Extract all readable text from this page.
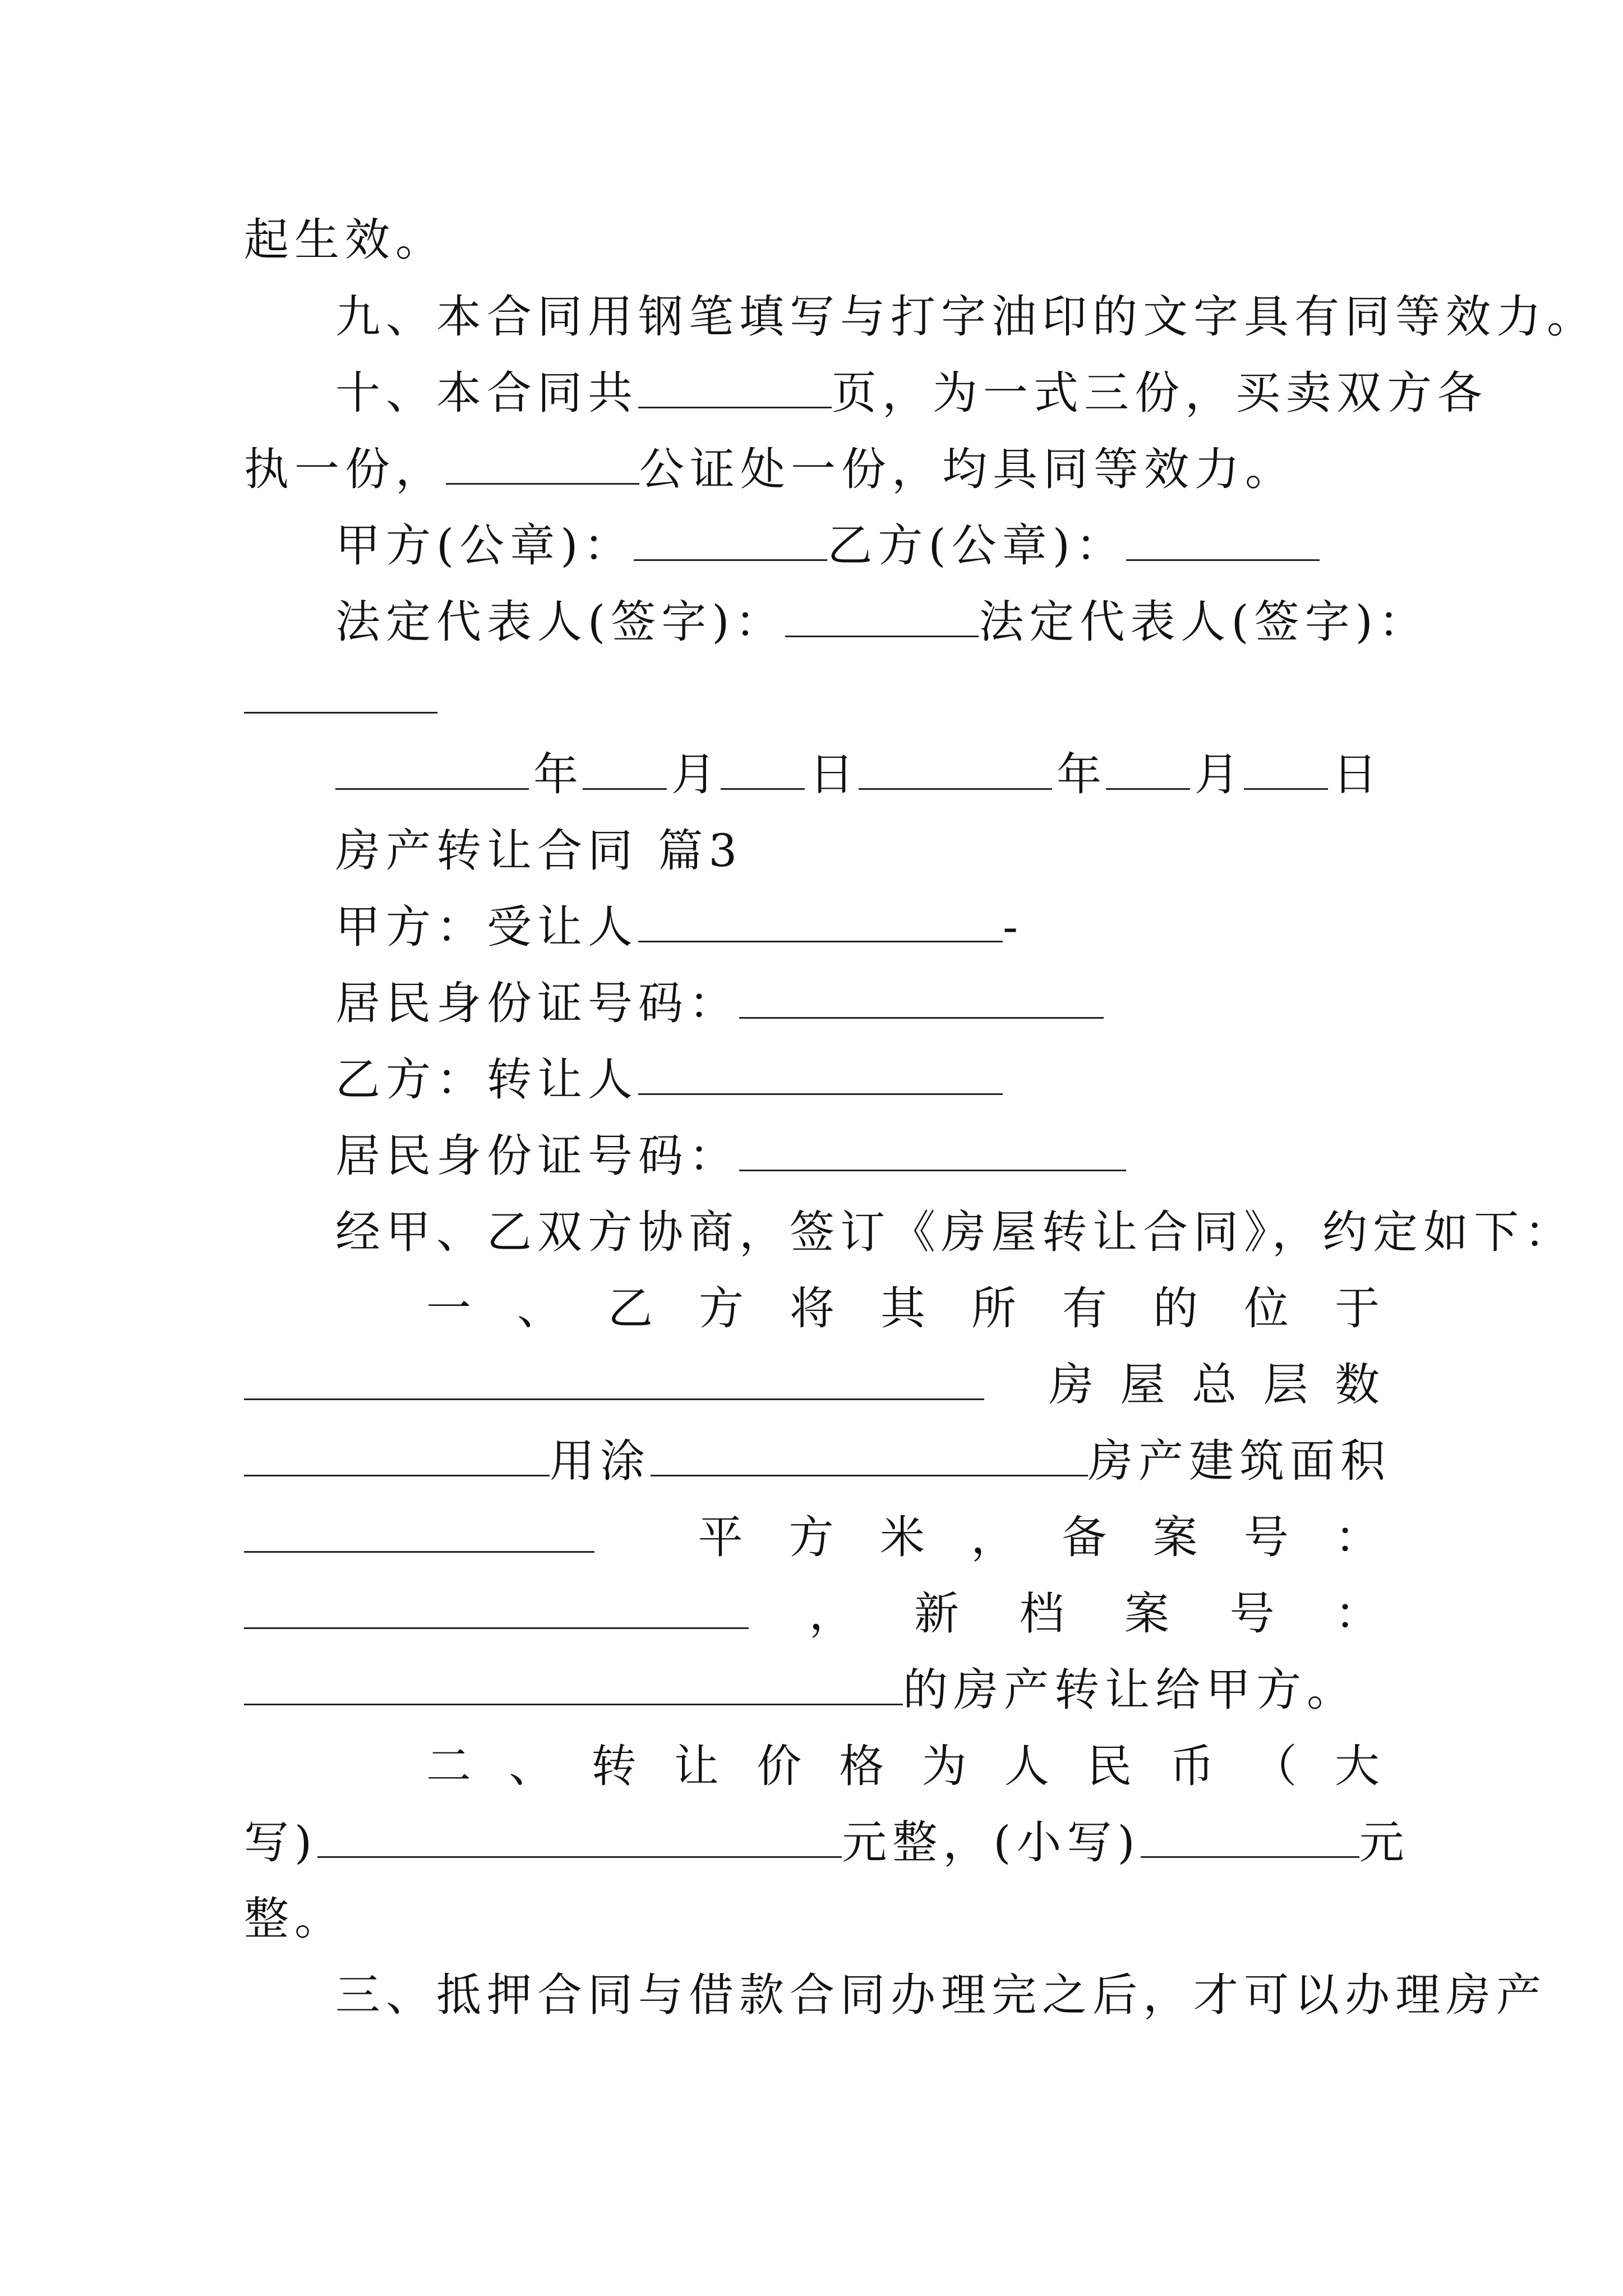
起生效。
九、本合同用钢笔填写与打字油印的文字具有同等效力。
十、本合同共	页，为一式三份，买卖双方各
执一份，	公证处一份，均具同等效力。
甲方(公章)：	乙方(公章)：
法定代表人(签字)：	法定代表人(签字)：
年 月 日	年 月 日
房产转让合同 篇3
甲方：受让人	-
居民身份证号码：
乙方：转让人
居民身份证号码：
经甲、乙双方协商，签订《房屋转让合同》，约定如下：
一 、 乙 方 将 其 所 有 的 位 于
房 屋 总 层 数
用涂	房产建筑面积
平 方 米 ， 备 案 号 ：
， 新 档 案 号 ：
的房产转让给甲方。
二 、 转 让 价 格 为 人 民 币 （ 大
写)	元整，(小写)	元
整。
三、抵押合同与借款合同办理完之后，才可以办理房产
